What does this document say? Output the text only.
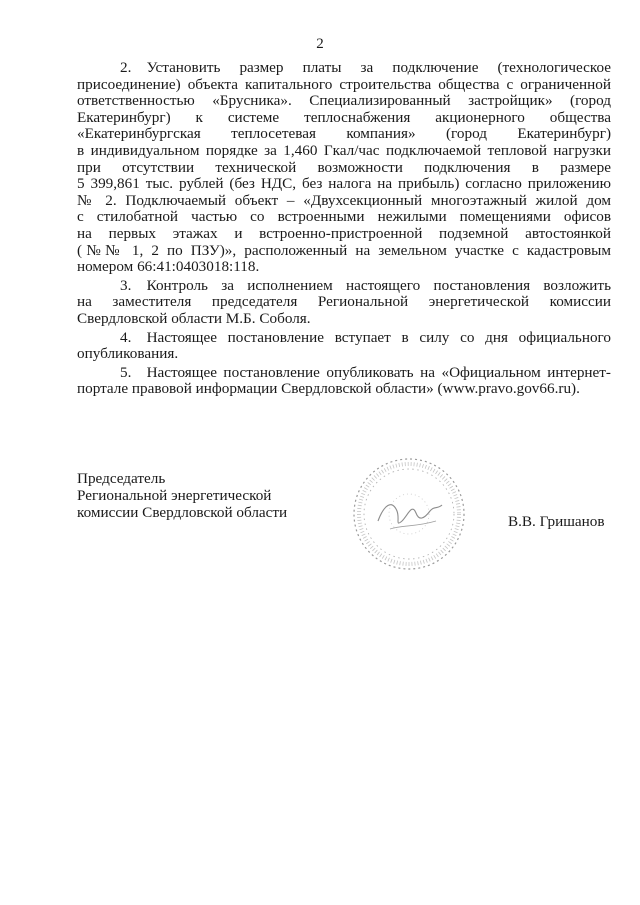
2
2. Установить размер платы за подключение (технологическое
присоединение) объекта капитального строительства общества с ограниченной
ответственностью «Брусника». Специализированный застройщик» (город
Екатеринбург) к системе теплоснабжения акционерного общества
«Екатеринбургская теплосетевая компания» (город Екатеринбург)
в индивидуальном порядке за 1,460 Гкал/час подключаемой тепловой нагрузки
при отсутствии технической возможности подключения в размере
5 399,861 тыс. рублей (без НДС, без налога на прибыль) согласно приложению
№ 2. Подключаемый объект – «Двухсекционный многоэтажный жилой дом
с стилобатной частью со встроенными нежилыми помещениями офисов
на первых этажах и встроенно-пристроенной подземной автостоянкой
(№№ 1, 2 по ПЗУ)», расположенный на земельном участке с кадастровым
номером 66:41:0403018:118.
3. Контроль за исполнением настоящего постановления возложить
на заместителя председателя Региональной энергетической комиссии
Свердловской области М.Б. Соболя.
4. Настоящее постановление вступает в силу со дня официального
опубликования.
5. Настоящее постановление опубликовать на «Официальном интернет-
портале правовой информации Свердловской области» (www.pravo.gov66.ru).
Председатель
Региональной энергетической
комиссии Свердловской области
В.В. Гришанов
